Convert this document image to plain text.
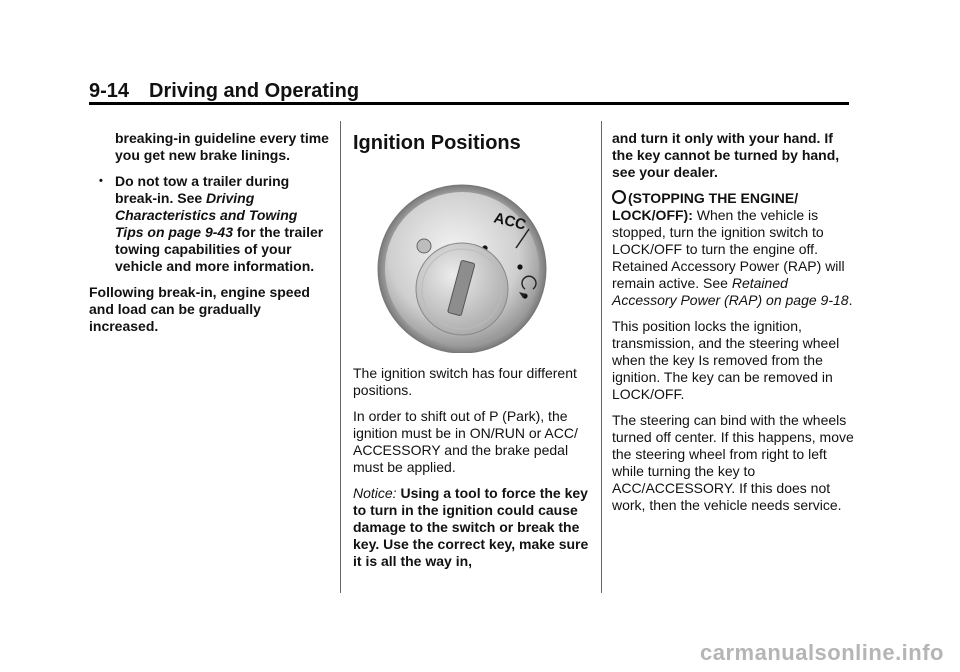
9-14 Driving and Operating

breaking-in guideline every time you get new brake linings.

• Do not tow a trailer during break-in. See Driving Characteristics and Towing Tips on page 9-43 for the trailer towing capabilities of your vehicle and more information.

Following break-in, engine speed and load can be gradually increased.

Ignition Positions
ACC

The ignition switch has four different positions.

In order to shift out of P (Park), the ignition must be in ON/RUN or ACC/ ACCESSORY and the brake pedal must be applied.

Notice: Using a tool to force the key to turn in the ignition could cause damage to the switch or break the key. Use the correct key, make sure it is all the way in,

and turn it only with your hand. If the key cannot be turned by hand, see your dealer.

(STOPPING THE ENGINE/ LOCK/OFF): When the vehicle is stopped, turn the ignition switch to LOCK/OFF to turn the engine off. Retained Accessory Power (RAP) will remain active. See Retained Accessory Power (RAP) on page 9-18.

This position locks the ignition, transmission, and the steering wheel when the key Is removed from the ignition. The key can be removed in LOCK/OFF.

The steering can bind with the wheels turned off center. If this happens, move the steering wheel from right to left while turning the key to ACC/ACCESSORY. If this does not work, then the vehicle needs service.

carmanualsonline.info
